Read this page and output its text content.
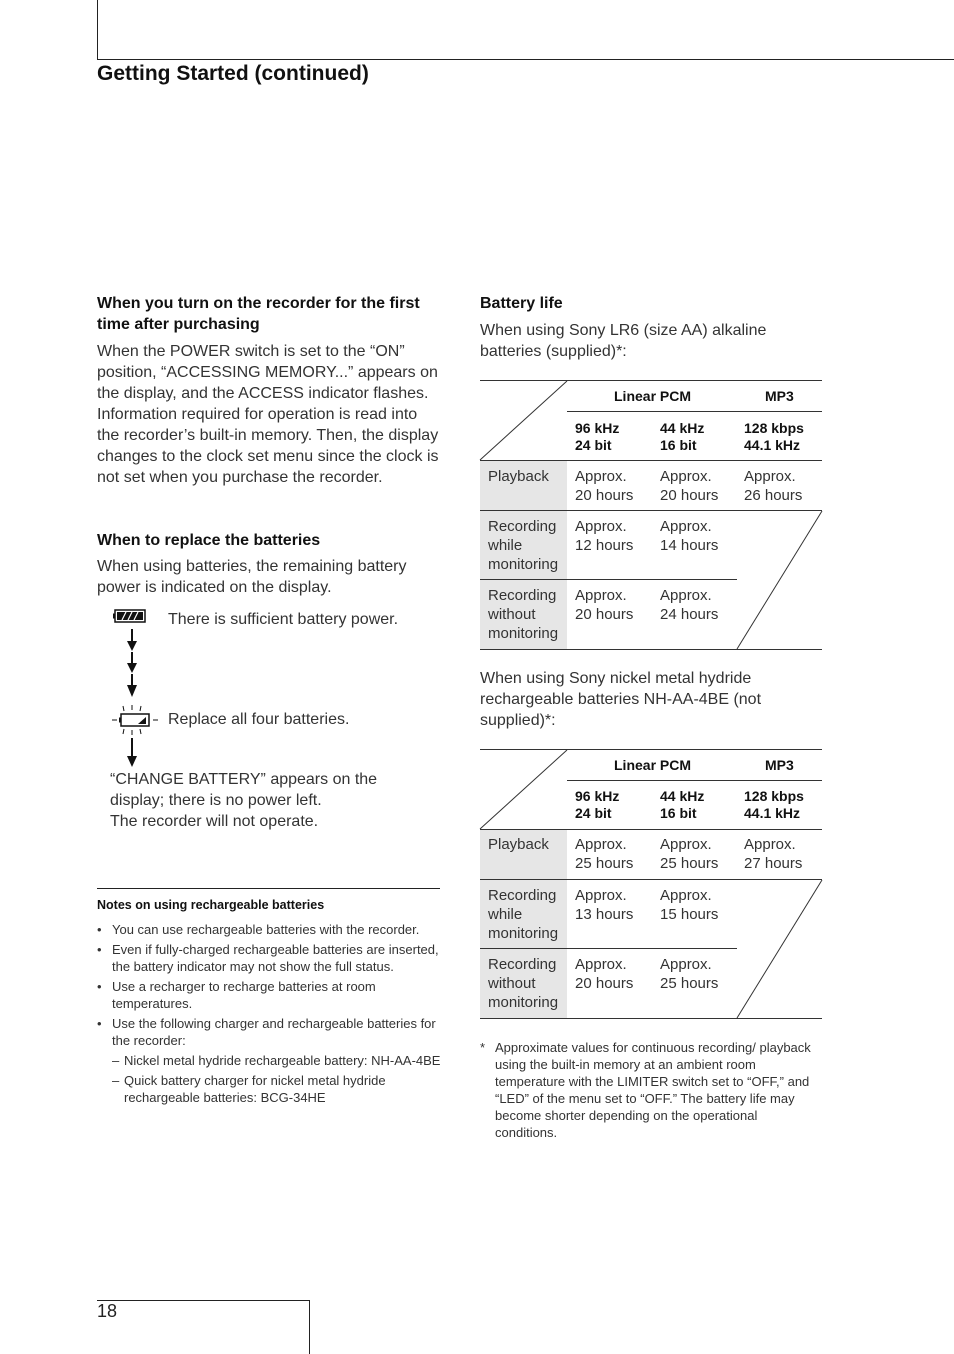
Getting Started (continued)
When you turn on the recorder for the first time after purchasing

When the POWER switch is set to the “ON” position, “ACCESSING MEMORY...” appears on the display, and the ACCESS indicator flashes. Information required for operation is read into the recorder’s built-in memory. Then, the display changes to the clock set menu since the clock is not set when you purchase the recorder.

When to replace the batteries

When using batteries, the remaining battery power is indicated on the display.

There is sufficient battery power.
Replace all four batteries.
“CHANGE BATTERY” appears on the display; there is no power left.
The recorder will not operate.
Notes on using rechargeable batteries
• You can use rechargeable batteries with the recorder.
• Even if fully-charged rechargeable batteries are inserted, the battery indicator may not show the full status.
• Use a recharger to recharge batteries at room temperatures.
• Use the following charger and rechargeable batteries for the recorder:
– Nickel metal hydride rechargeable battery: NH-AA-4BE
– Quick battery charger for nickel metal hydride rechargeable batteries: BCG-34HE
Battery life

When using Sony LR6 (size AA) alkaline batteries (supplied)*:

Linear PCM	MP3
96 kHz
24 bit
44 kHz
16 bit
128 kbps
44.1 kHz
Playback Approx.
20 hours
Approx.
20 hours
Approx.
26 hours
Recording
while
monitoring
Approx.
12 hours
Approx.
14 hours
Recording
without
monitoring
Approx.
20 hours
Approx.
24 hours

When using Sony nickel metal hydride rechargeable batteries NH-AA-4BE (not supplied)*:

Linear PCM	MP3
96 kHz
24 bit
44 kHz
16 bit
128 kbps
44.1 kHz
Playback Approx.
25 hours
Approx.
25 hours
Approx.
27 hours
Recording
while
monitoring
Approx.
13 hours
Approx.
15 hours
Recording
without
monitoring
Approx.
20 hours
Approx.
25 hours
* Approximate values for continuous recording/ playback using the built-in memory at an ambient room temperature with the LIMITER switch set to “OFF,” and “LED” of the menu set to “OFF.” The battery life may become shorter depending on the operational conditions.
18
